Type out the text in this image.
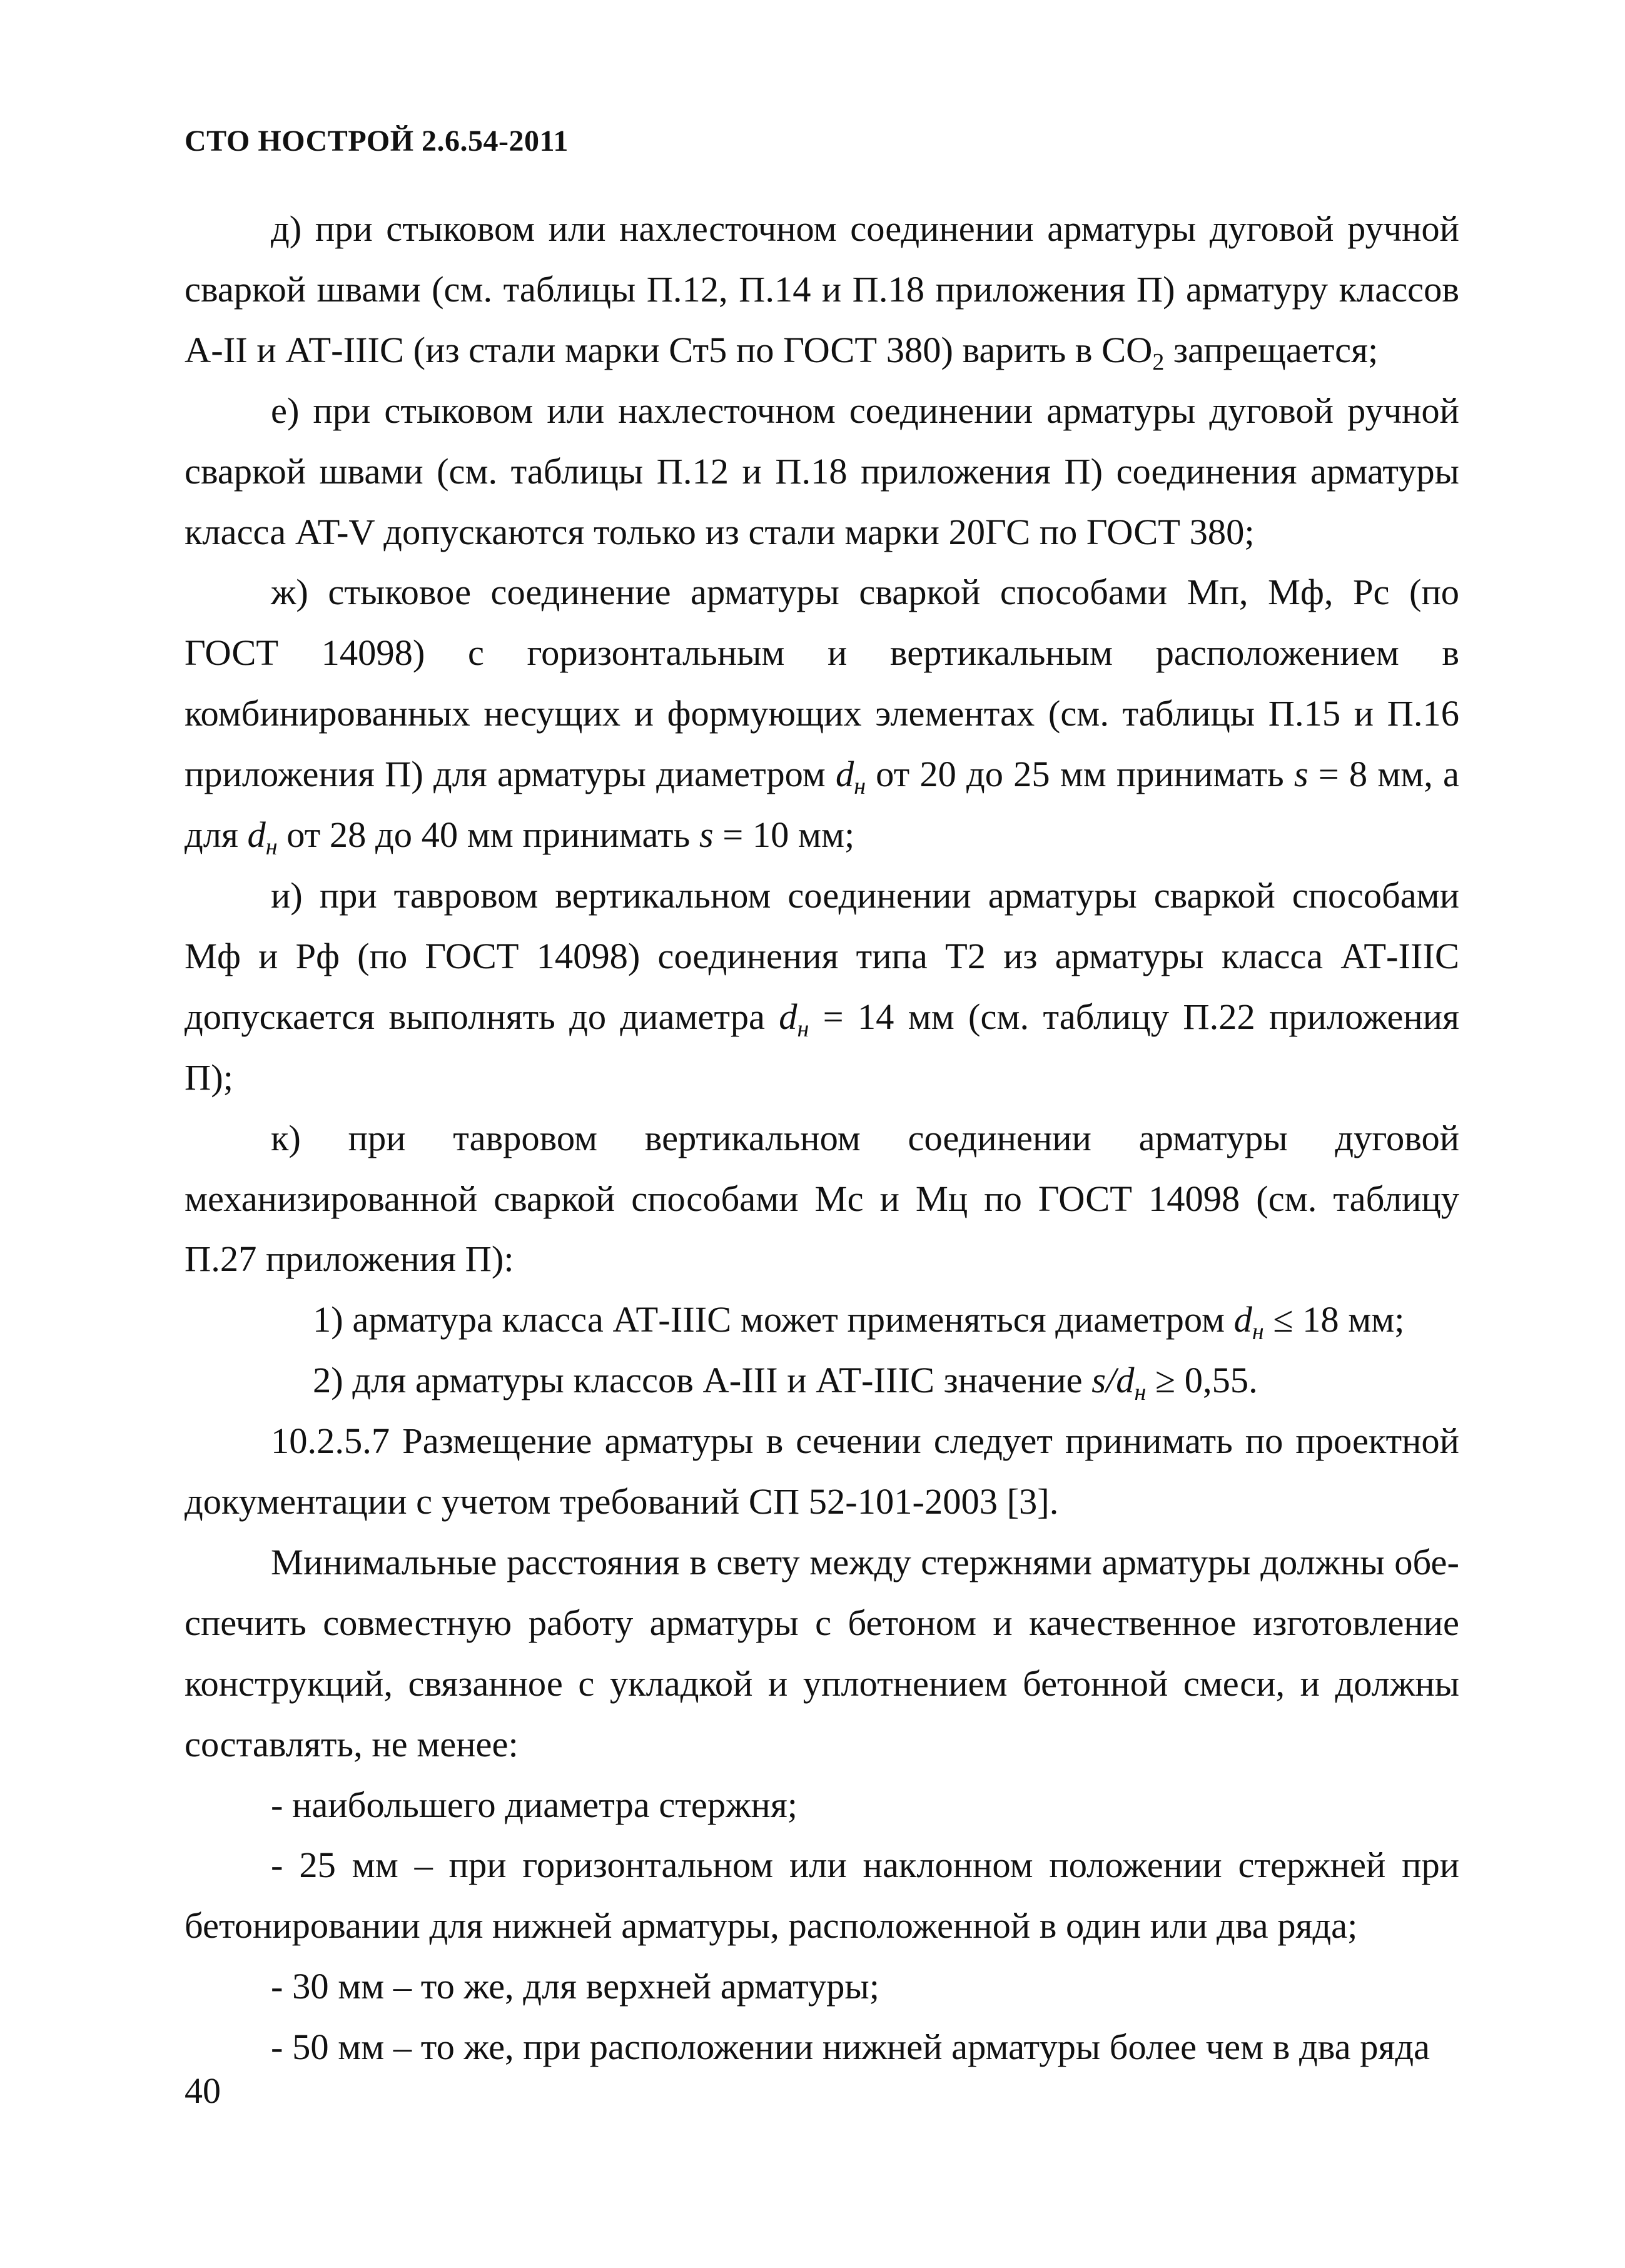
СТО НОСТРОЙ 2.6.54-2011

д) при стыковом или нахлесточном соединении арматуры дуговой ручной сваркой швами (см. таблицы П.12, П.14 и П.18 приложения П) арматуру классов А-II и АТ-IIIС (из стали марки Ст5 по ГОСТ 380) варить в $СО_2$ запрещается;

е) при стыковом или нахлесточном соединении арматуры дуговой ручной сваркой швами (см. таблицы П.12 и П.18 приложения П) соединения арматуры класса AT-V допускаются только из стали марки 20ГС по ГОСТ 380;

ж) стыковое соединение арматуры сваркой способами Мп, Мф, Рс (по ГОСТ 14098) с горизонтальным и вертикальным расположением в комбинированных несущих и формующих элементах (см. таблицы П.15 и П.16 приложения П) для арматуры диаметром $d_н$ от 20 до 25 мм принимать s = 8 мм, а для $d_н$ от 28 до 40 мм принимать s = 10 мм;

и) при тавровом вертикальном соединении арматуры сваркой способами Мф и Рф (по ГОСТ 14098) соединения типа Т2 из арматуры класса АТ-IIIС допускается выполнять до диаметра $d_н = 14$ мм (см. таблицу П.22 приложения П);

к) при тавровом вертикальном соединении арматуры дуговой механизированной сваркой способами Мс и Мц по ГОСТ 14098 (см. таблицу П.27 приложения П):

1) арматура класса АТ-IIIС может применяться диаметром $d_н \le 18$ мм;

2) для арматуры классов А-III и АТ-IIIС значение $s/d_н \ge 0,55$.

10.2.5.7 Размещение арматуры в сечении следует принимать по проектной документации с учетом требований СП 52-101-2003 [3].

Минимальные расстояния в свету между стержнями арматуры должны обеспечить совместную работу арматуры с бетоном и качественное изготовление конструкций, связанное с укладкой и уплотнением бетонной смеси, и должны составлять, не менее:

- наибольшего диаметра стержня;

- 25 мм – при горизонтальном или наклонном положении стержней при бетонировании для нижней арматуры, расположенной в один или два ряда;

- 30 мм – то же, для верхней арматуры;

- 50 мм – то же, при расположении нижней арматуры более чем в два ряда

40
